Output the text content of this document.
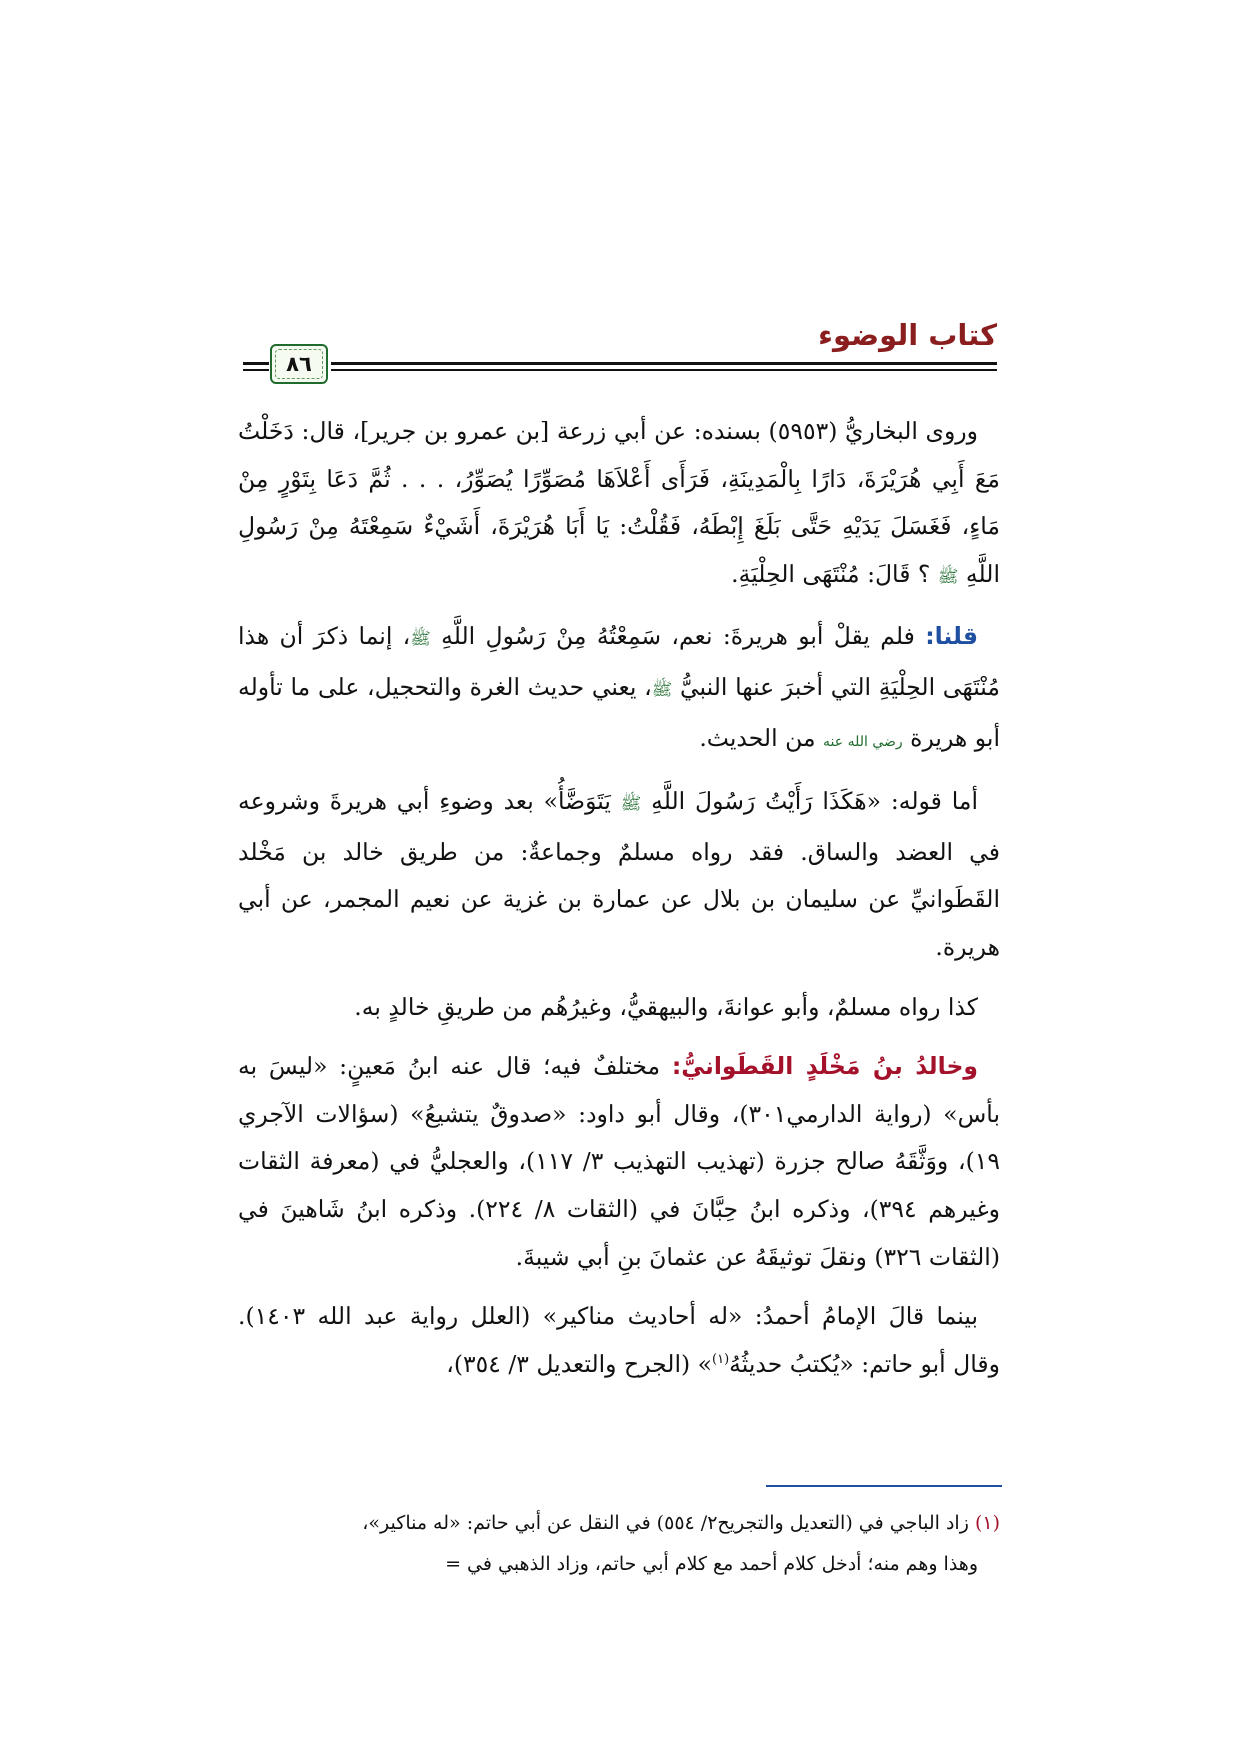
كتاب الوضوء
٨٦

وروى البخاريُّ (٥٩٥٣) بسنده: عن أبي زرعة [بن عمرو بن جرير]، قال: دَخَلْتُ مَعَ أَبِي هُرَيْرَةَ، دَارًا بِالْمَدِينَةِ، فَرَأَى أَعْلاَهَا مُصَوِّرًا يُصَوِّرُ، . . . ثُمَّ دَعَا بِتَوْرٍ مِنْ مَاءٍ، فَغَسَلَ يَدَيْهِ حَتَّى بَلَغَ إِبْطَهُ، فَقُلْتُ: يَا أَبَا هُرَيْرَةَ، أَشَيْءٌ سَمِعْتَهُ مِنْ رَسُولِ اللَّهِ ﷺ ؟ قَالَ: مُنْتَهَى الحِلْيَةِ.

قلنا: فلم يقلْ أبو هريرةَ: نعم، سَمِعْتُهُ مِنْ رَسُولِ اللَّهِ ﷺ، إنما ذكرَ أن هذا مُنْتَهَى الحِلْيَةِ التي أخبرَ عنها النبيُّ ﷺ، يعني حديث الغرة والتحجيل، على ما تأوله أبو هريرة رضي الله عنه من الحديث.

أما قوله: «هَكَذَا رَأَيْتُ رَسُولَ اللَّهِ ﷺ يَتَوَضَّأُ» بعد وضوءِ أبي هريرةَ وشروعه في العضد والساق. فقد رواه مسلمٌ وجماعةٌ: من طريق خالد بن مَخْلد القَطَوانيِّ عن سليمان بن بلال عن عمارة بن غزية عن نعيم المجمر، عن أبي هريرة.

كذا رواه مسلمٌ، وأبو عوانةَ، والبيهقيُّ، وغيرُهُم من طريقِ خالدٍ به.

وخالدُ بنُ مَخْلَدٍ القَطَوانيُّ: مختلفٌ فيه؛ قال عنه ابنُ مَعينٍ: «ليسَ به بأس» (رواية الدارمي٣٠١)، وقال أبو داود: «صدوقٌ يتشيعُ» (سؤالات الآجري ١٩)، ووَثَّقَهُ صالح جزرة (تهذيب التهذيب ٣/ ١١٧)، والعجليُّ في (معرفة الثقات وغيرهم ٣٩٤)، وذكره ابنُ حِبَّانَ في (الثقات ٨/ ٢٢٤). وذكره ابنُ شَاهينَ في (الثقات ٣٢٦) ونقلَ توثيقَهُ عن عثمانَ بنِ أبي شيبةَ.

بينما قالَ الإمامُ أحمدُ: «له أحاديث مناكير» (العلل رواية عبد الله ١٤٠٣). وقال أبو حاتم: «يُكتبُ حديثُهُ$^{(١)}$» (الجرح والتعديل ٣/ ٣٥٤)،

(١) زاد الباجي في (التعديل والتجريح٢/ ٥٥٤) في النقل عن أبي حاتم: «له مناكير»،

وهذا وهم منه؛ أدخل كلام أحمد مع كلام أبي حاتم، وزاد الذهبي في =
